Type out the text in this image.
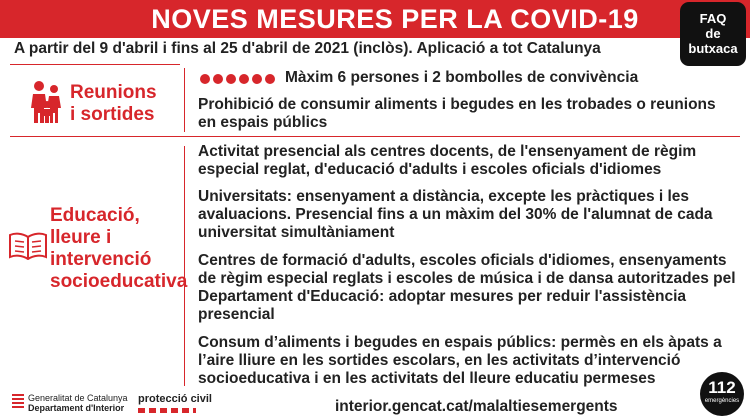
NOVES MESURES PER LA COVID-19	FAQ
de
butxaca
A partir del 9 d'abril i fins al 25 d'abril de 2021 (inclòs). Aplicació a tot Catalunya
Reunions
i sortides
Màxim 6 persones i 2 bombolles de convivència
Prohibició de consumir aliments i begudes en les trobades o reunions en espais públics
Educació,
lleure i
intervenció
socioeducativa
Activitat presencial als centres docents, de l'ensenyament de règim especial reglat, d'educació d'adults i escoles oficials d'idiomes
Universitats: ensenyament a distància, excepte les pràctiques i les avaluacions. Presencial fins a un màxim del 30% de l'alumnat de cada universitat simultàniament
Centres de formació d'adults, escoles oficials d'idiomes, ensenyaments de règim especial reglats i escoles de música i de dansa autoritzades pel Departament d'Educació: adoptar mesures per reduir l'assistència presencial
Consum d’aliments i begudes en espais públics: permès en els àpats a l’aire lliure en les sortides escolars, en les activitats d’intervenció socioeducativa i en les activitats del lleure educatiu permeses
Generalitat de Catalunya
Departament d'Interior
protecció civil	interior.gencat.cat/malaltiesemergents
112
emergències
